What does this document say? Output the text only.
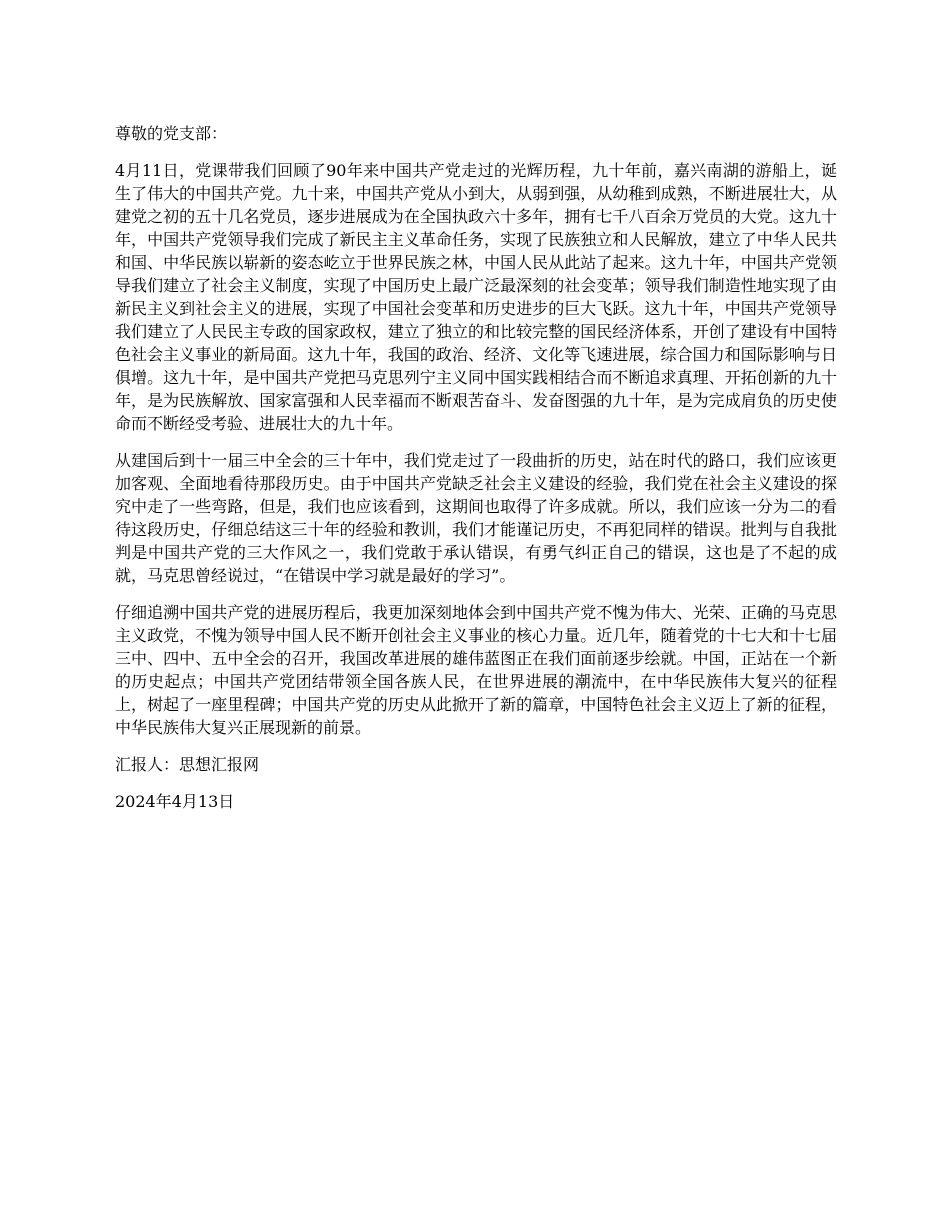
尊敬的党支部：

4月11日，党课带我们回顾了90年来中国共产党走过的光辉历程，九十年前，嘉兴南湖的游船上，诞生了伟大的中国共产党。九十来，中国共产党从小到大，从弱到强，从幼稚到成熟，不断进展壮大，从建党之初的五十几名党员，逐步进展成为在全国执政六十多年，拥有七千八百余万党员的大党。这九十年，中国共产党领导我们完成了新民主主义革命任务，实现了民族独立和人民解放，建立了中华人民共和国、中华民族以崭新的姿态屹立于世界民族之林，中国人民从此站了起来。这九十年，中国共产党领导我们建立了社会主义制度，实现了中国历史上最广泛最深刻的社会变革；领导我们制造性地实现了由新民主义到社会主义的进展，实现了中国社会变革和历史进步的巨大飞跃。这九十年，中国共产党领导我们建立了人民民主专政的国家政权，建立了独立的和比较完整的国民经济体系，开创了建设有中国特色社会主义事业的新局面。这九十年，我国的政治、经济、文化等飞速进展，综合国力和国际影响与日俱增。这九十年，是中国共产党把马克思列宁主义同中国实践相结合而不断追求真理、开拓创新的九十年，是为民族解放、国家富强和人民幸福而不断艰苦奋斗、发奋图强的九十年，是为完成肩负的历史使命而不断经受考验、进展壮大的九十年。

从建国后到十一届三中全会的三十年中，我们党走过了一段曲折的历史，站在时代的路口，我们应该更加客观、全面地看待那段历史。由于中国共产党缺乏社会主义建设的经验，我们党在社会主义建设的探究中走了一些弯路，但是，我们也应该看到，这期间也取得了许多成就。所以，我们应该一分为二的看待这段历史，仔细总结这三十年的经验和教训，我们才能谨记历史，不再犯同样的错误。批判与自我批判是中国共产党的三大作风之一，我们党敢于承认错误，有勇气纠正自己的错误，这也是了不起的成就，马克思曾经说过，“在错误中学习就是最好的学习”。

仔细追溯中国共产党的进展历程后，我更加深刻地体会到中国共产党不愧为伟大、光荣、正确的马克思主义政党，不愧为领导中国人民不断开创社会主义事业的核心力量。近几年，随着党的十七大和十七届三中、四中、五中全会的召开，我国改革进展的雄伟蓝图正在我们面前逐步绘就。中国，正站在一个新的历史起点；中国共产党团结带领全国各族人民，在世界进展的潮流中，在中华民族伟大复兴的征程上，树起了一座里程碑；中国共产党的历史从此掀开了新的篇章，中国特色社会主义迈上了新的征程，中华民族伟大复兴正展现新的前景。

汇报人：思想汇报网

2024年4月13日
